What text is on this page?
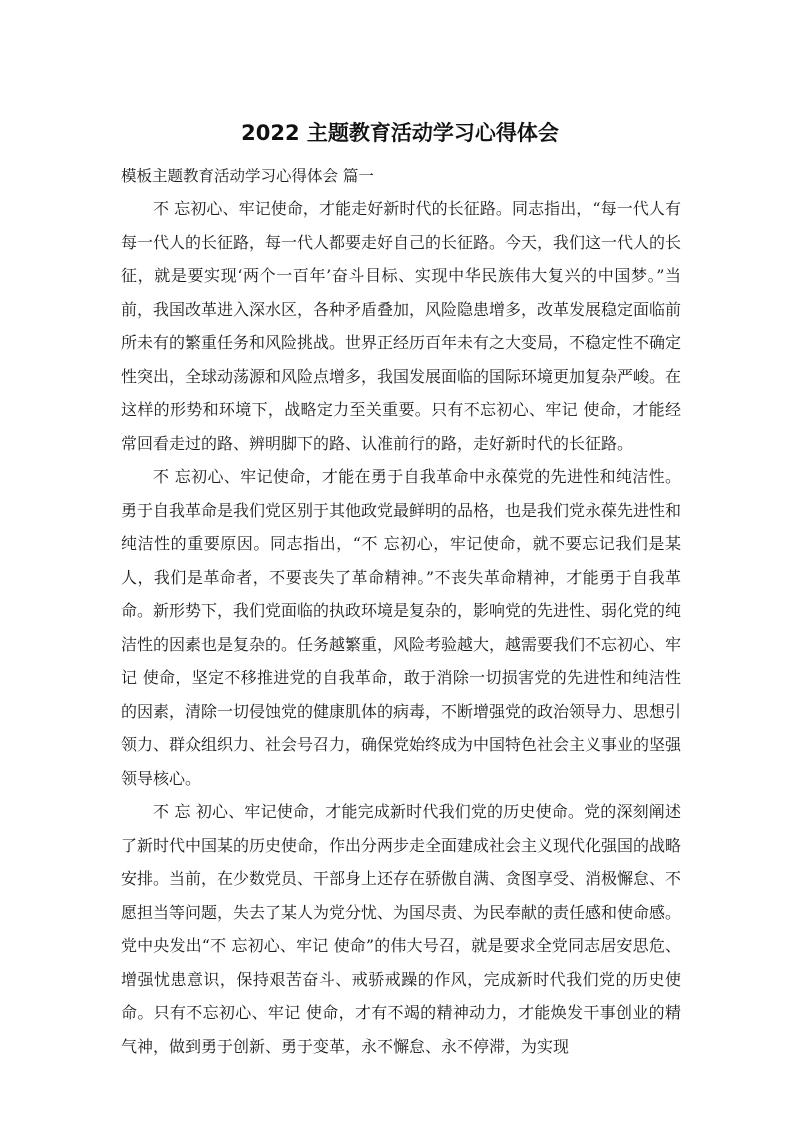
2022 主题教育活动学习心得体会

模板主题教育活动学习心得体会 篇一

不 忘初心、牢记使命，才能走好新时代的长征路。同志指出，“每一代人有每一代人的长征路，每一代人都要走好自己的长征路。今天，我们这一代人的长征，就是要实现‘两个一百年’奋斗目标、实现中华民族伟大复兴的中国梦。”当前，我国改革进入深水区，各种矛盾叠加，风险隐患增多，改革发展稳定面临前所未有的繁重任务和风险挑战。世界正经历百年未有之大变局，不稳定性不确定性突出，全球动荡源和风险点增多，我国发展面临的国际环境更加复杂严峻。在这样的形势和环境下，战略定力至关重要。只有不忘初心、牢记 使命，才能经常回看走过的路、辨明脚下的路、认准前行的路，走好新时代的长征路。

不 忘初心、牢记使命，才能在勇于自我革命中永葆党的先进性和纯洁性。勇于自我革命是我们党区别于其他政党最鲜明的品格，也是我们党永葆先进性和纯洁性的重要原因。同志指出，“不 忘初心，牢记使命，就不要忘记我们是某人，我们是革命者，不要丧失了革命精神。”不丧失革命精神，才能勇于自我革命。新形势下，我们党面临的执政环境是复杂的，影响党的先进性、弱化党的纯洁性的因素也是复杂的。任务越繁重，风险考验越大，越需要我们不忘初心、牢记 使命，坚定不移推进党的自我革命，敢于消除一切损害党的先进性和纯洁性的因素，清除一切侵蚀党的健康肌体的病毒，不断增强党的政治领导力、思想引领力、群众组织力、社会号召力，确保党始终成为中国特色社会主义事业的坚强领导核心。

不 忘 初心、牢记使命，才能完成新时代我们党的历史使命。党的深刻阐述了新时代中国某的历史使命，作出分两步走全面建成社会主义现代化强国的战略安排。当前，在少数党员、干部身上还存在骄傲自满、贪图享受、消极懈怠、不愿担当等问题，失去了某人为党分忧、为国尽责、为民奉献的责任感和使命感。党中央发出“不 忘初心、牢记 使命”的伟大号召，就是要求全党同志居安思危、增强忧患意识，保持艰苦奋斗、戒骄戒躁的作风，完成新时代我们党的历史使命。只有不忘初心、牢记 使命，才有不竭的精神动力，才能焕发干事创业的精气神，做到勇于创新、勇于变革，永不懈怠、永不停滞，为实现
